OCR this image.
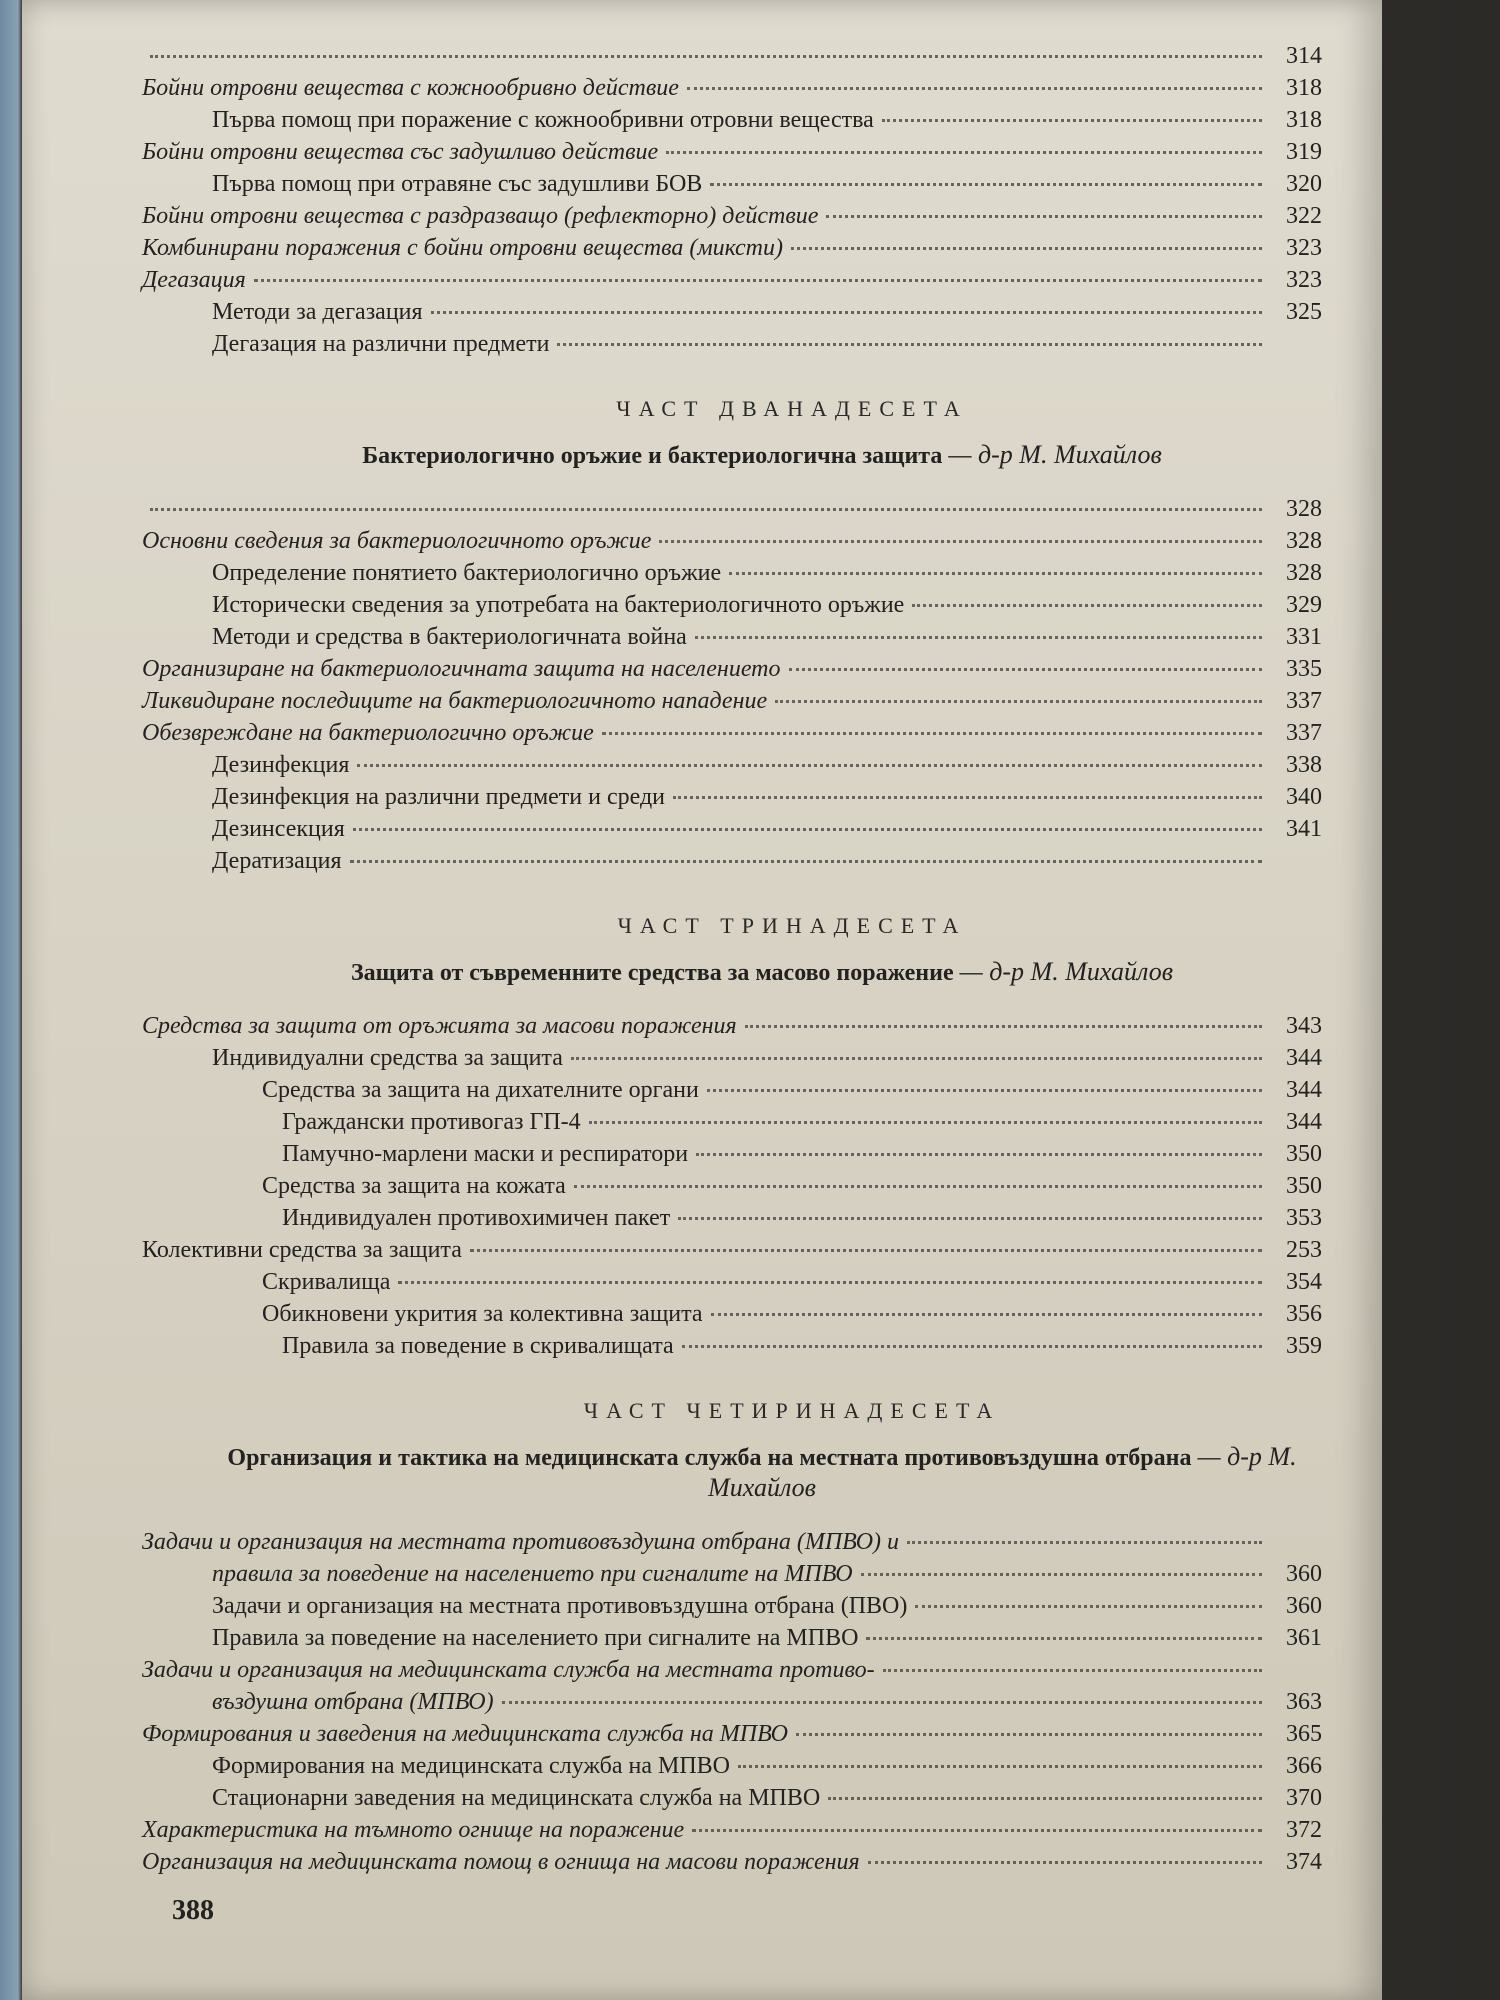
314
Бойни отровни вещества с кожнообривно действие	318
Първа помощ при поражение с кожнообривни отровни вещества	318
Бойни отровни вещества със задушливо действие	319
Първа помощ при отравяне със задушливи БОВ	320
Бойни отровни вещества с раздразващо (рефлекторно) действие	322
Комбинирани поражения с бойни отровни вещества (миксти)	323
Дегазация	323
Методи за дегазация	325
Дегазация на различни предмети
ЧАСТ ДВАНАДЕСЕТА
Бактериологично оръжие и бактериологична защита — д-р М. Михайлов
328
Основни сведения за бактериологичното оръжие	328
Определение понятието бактериологично оръжие	328
Исторически сведения за употребата на бактериологичното оръжие	329
Методи и средства в бактериологичната война	331
Организиране на бактериологичната защита на населението	335
Ликвидиране последиците на бактериологичното нападение	337
Обезвреждане на бактериологично оръжие	337
Дезинфекция	338
Дезинфекция на различни предмети и среди	340
Дезинсекция	341
Дератизация
ЧАСТ ТРИНАДЕСЕТА
Защита от съвременните средства за масово поражение — д-р М. Михайлов
Средства за защита от оръжията за масови поражения	343
Индивидуални средства за защита	344
Средства за защита на дихателните органи	344
Граждански противогаз ГП-4	344
Памучно-марлени маски и респиратори	350
Средства за защита на кожата	350
Индивидуален противохимичен пакет	353
Колективни средства за защита	253
Скривалища	354
Обикновени укрития за колективна защита	356
Правила за поведение в скривалищата	359
ЧАСТ ЧЕТИРИНАДЕСЕТА
Организация и тактика на медицинската служба на местната противовъздушна отбрана — д-р М. Михайлов
Задачи и организация на местната противовъздушна отбрана (МПВО) и
правила за поведение на населението при сигналите на МПВО	360
Задачи и организация на местната противовъздушна отбрана (ПВО)	360
Правила за поведение на населението при сигналите на МПВО	361
Задачи и организация на медицинската служба на местната противо-
въздушна отбрана (МПВО)	363
Формирования и заведения на медицинската служба на МПВО	365
Формирования на медицинската служба на МПВО	366
Стационарни заведения на медицинската служба на МПВО	370
Характеристика на тъмното огнище на поражение	372
Организация на медицинската помощ в огнища на масови поражения	374
388
